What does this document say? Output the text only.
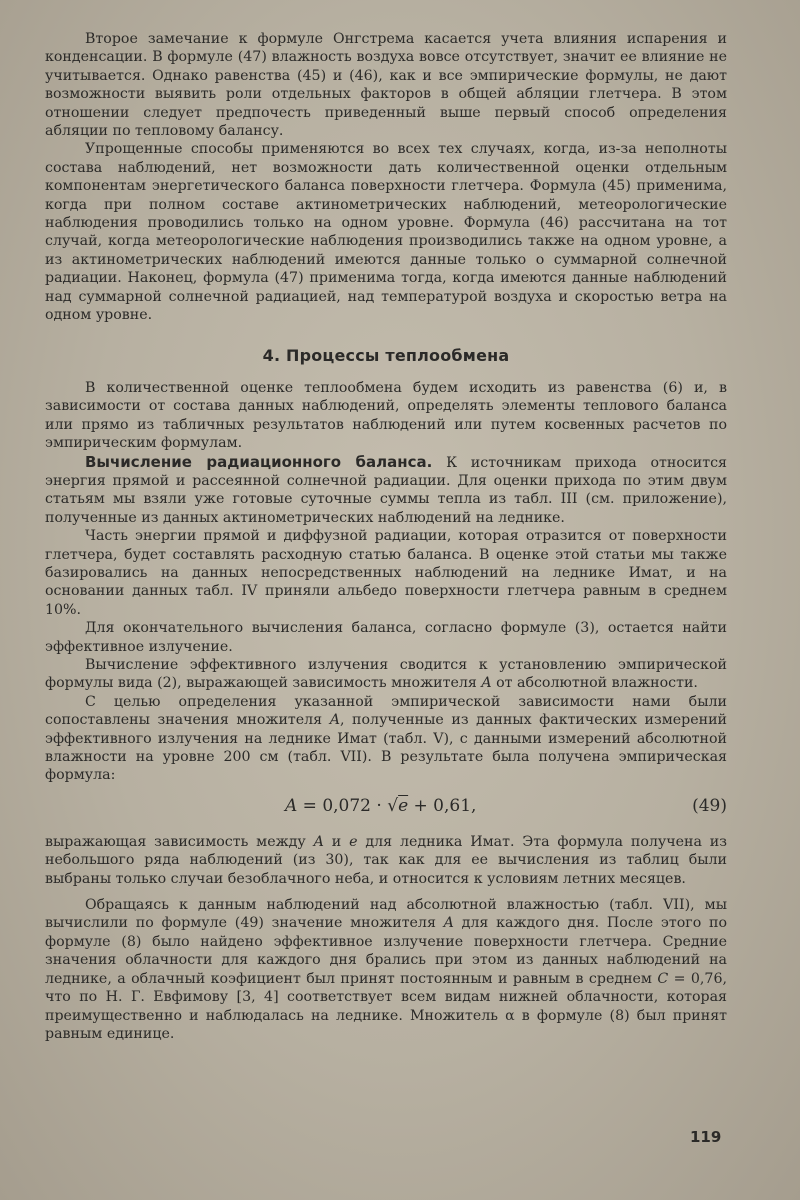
Второе замечание к формуле Онгстрема касается учета влияния испарения и конденсации. В формуле (47) влажность воздуха вовсе отсутствует, значит ее влияние не учитывается. Однако равенства (45) и (46), как и все эмпирические формулы, не дают возможности выявить роли отдельных факторов в общей абляции глетчера. В этом отношении следует предпочесть приведенный выше первый способ определения абляции по тепловому балансу.

Упрощенные способы применяются во всех тех случаях, когда, из-за неполноты состава наблюдений, нет возможности дать количественной оценки отдельным компонентам энергетического баланса поверхности глетчера. Формула (45) применима, когда при полном составе актинометрических наблюдений, метеорологические наблюдения проводились только на одном уровне. Формула (46) рассчитана на тот случай, когда метеорологические наблюдения производились также на одном уровне, а из актинометрических наблюдений имеются данные только о суммарной солнечной радиации. Наконец, формула (47) применима тогда, когда имеются данные наблюдений над суммарной солнечной радиацией, над температурой воздуха и скоростью ветра на одном уровне.

4. Процессы теплообмена

В количественной оценке теплообмена будем исходить из равенства (6) и, в зависимости от состава данных наблюдений, определять элементы теплового баланса или прямо из табличных результатов наблюдений или путем косвенных расчетов по эмпирическим формулам.

Вычисление радиационного баланса. К источникам прихода относится энергия прямой и рассеянной солнечной радиации. Для оценки прихода по этим двум статьям мы взяли уже готовые суточные суммы тепла из табл. III (см. приложение), полученные из данных актинометрических наблюдений на леднике.

Часть энергии прямой и диффузной радиации, которая отразится от поверхности глетчера, будет составлять расходную статью баланса. В оценке этой статьи мы также базировались на данных непосредственных наблюдений на леднике Имат, и на основании данных табл. IV приняли альбедо поверхности глетчера равным в среднем 10%.

Для окончательного вычисления баланса, согласно формуле (3), остается найти эффективное излучение.

Вычисление эффективного излучения сводится к установлению эмпирической формулы вида (2), выражающей зависимость множителя A от абсолютной влажности.

С целью определения указанной эмпирической зависимости нами были сопоставлены значения множителя A, полученные из данных фактических измерений эффективного излучения на леднике Имат (табл. V), с данными измерений абсолютной влажности на уровне 200 см (табл. VII). В результате была получена эмпирическая формула:

A = 0,072 · √e + 0,61,	(49)

выражающая зависимость между A и e для ледника Имат. Эта формула получена из небольшого ряда наблюдений (из 30), так как для ее вычисления из таблиц были выбраны только случаи безоблачного неба, и относится к условиям летних месяцев.

Обращаясь к данным наблюдений над абсолютной влажностью (табл. VII), мы вычислили по формуле (49) значение множителя A для каждого дня. После этого по формуле (8) было найдено эффективное излучение поверхности глетчера. Средние значения облачности для каждого дня брались при этом из данных наблюдений на леднике, а облачный коэфициент был принят постоянным и равным в среднем C = 0,76, что по Н. Г. Евфимову [3, 4] соответствует всем видам нижней облачности, которая преимущественно и наблюдалась на леднике. Множитель α в формуле (8) был принят равным единице.

119
